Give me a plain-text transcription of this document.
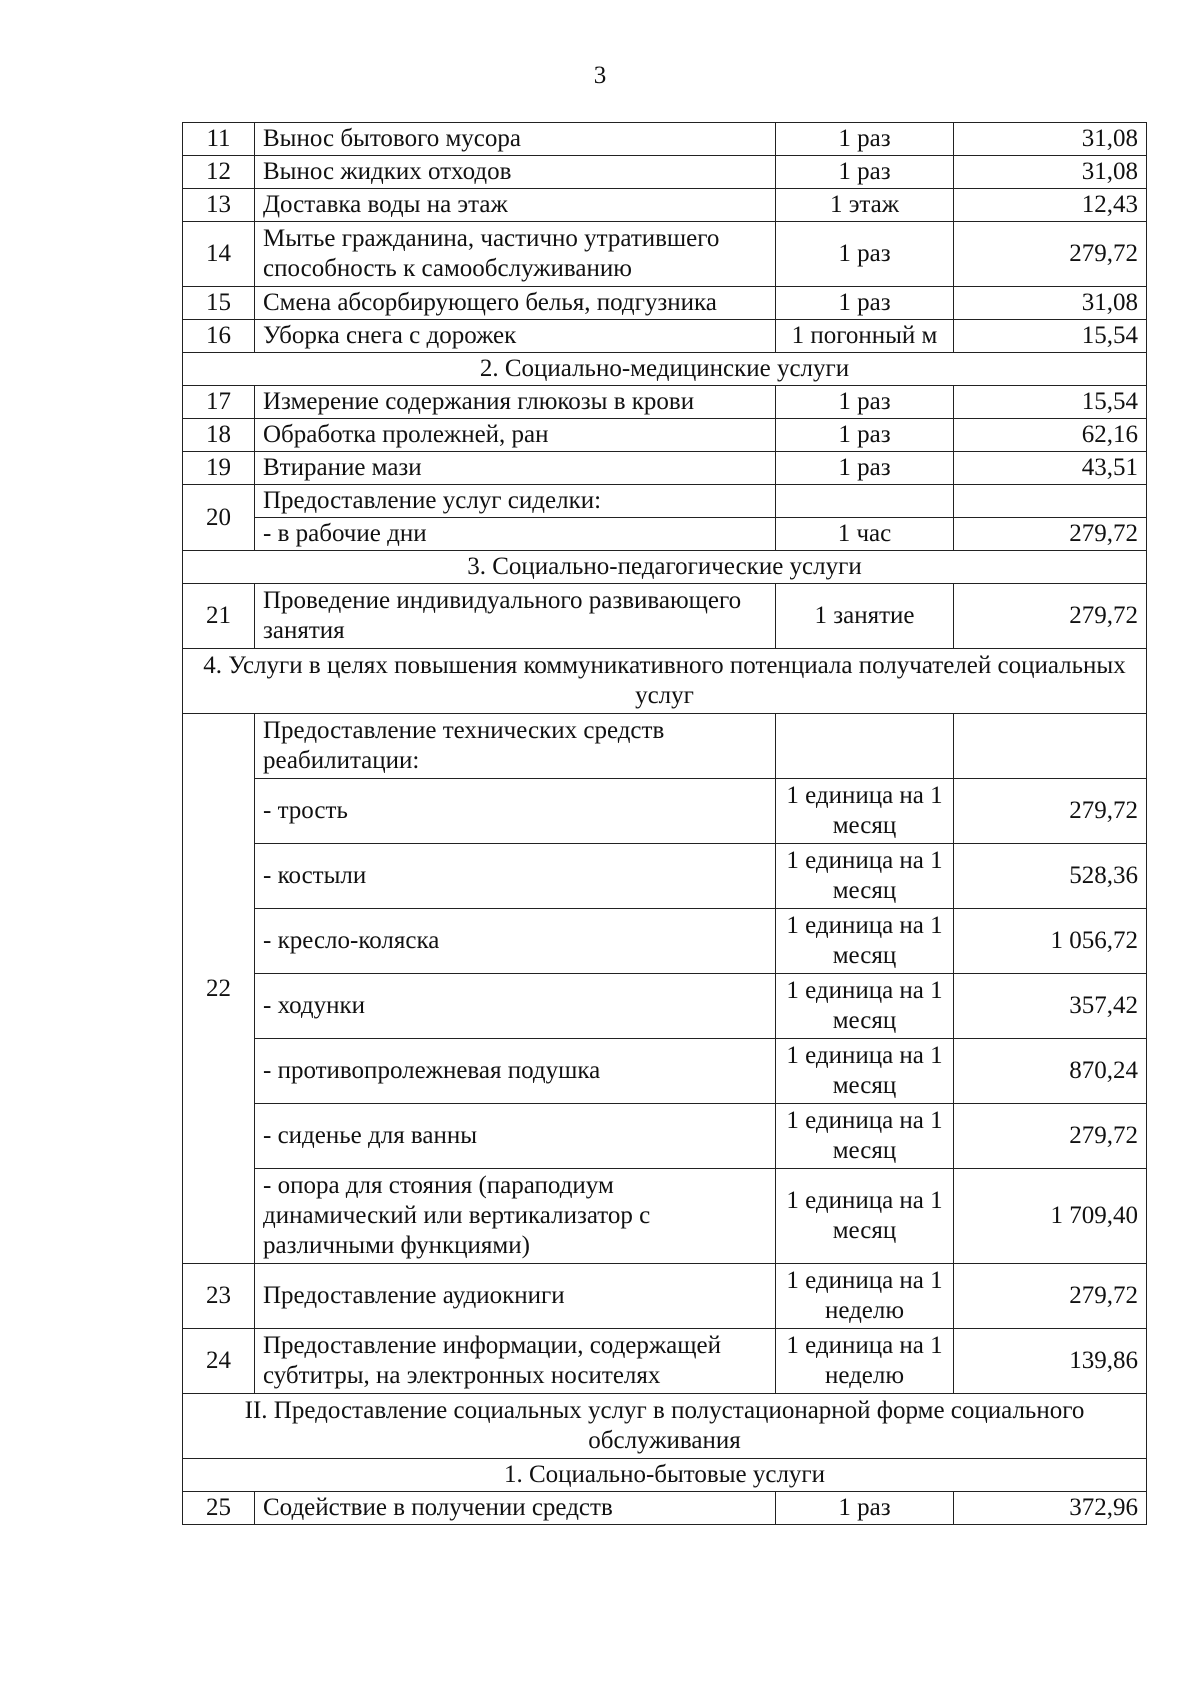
3
11	Вынос бытового мусора	1 раз	31,08
12	Вынос жидких отходов	1 раз	31,08
13	Доставка воды на этаж	1 этаж	12,43
14	Мытье гражданина, частично утратившего способность к самообслуживанию	1 раз	279,72
15	Смена абсорбирующего белья, подгузника	1 раз	31,08
16	Уборка снега с дорожек	1 погонный м	15,54
2. Социально-медицинские услуги			
17	Измерение содержания глюкозы в крови	1 раз	15,54
18	Обработка пролежней, ран	1 раз	62,16
19	Втирание мази	1 раз	43,51
20	Предоставление услуг сиделки:		
	- в рабочие дни	1 час	279,72
3. Социально-педагогические услуги			
21	Проведение индивидуального развивающего занятия	1 занятие	279,72
4. Услуги в целях повышения коммуникативного потенциала получателей социальных услуг			
22	Предоставление технических средств реабилитации:		
	- трость	1 единица на 1 месяц	279,72
	- костыли	1 единица на 1 месяц	528,36
	- кресло-коляска	1 единица на 1 месяц	1 056,72
	- ходунки	1 единица на 1 месяц	357,42
	- противопролежневая подушка	1 единица на 1 месяц	870,24
	- сиденье для ванны	1 единица на 1 месяц	279,72
	- опора для стояния (параподиум динамический или вертикализатор с различными функциями)	1 единица на 1 месяц	1 709,40
23	Предоставление аудиокниги	1 единица на 1 неделю	279,72
24	Предоставление информации, содержащей субтитры, на электронных носителях	1 единица на 1 неделю	139,86
II. Предоставление социальных услуг в полустационарной форме социального обслуживания			
1. Социально-бытовые услуги			
25	Содействие в получении средств	1 раз	372,96
